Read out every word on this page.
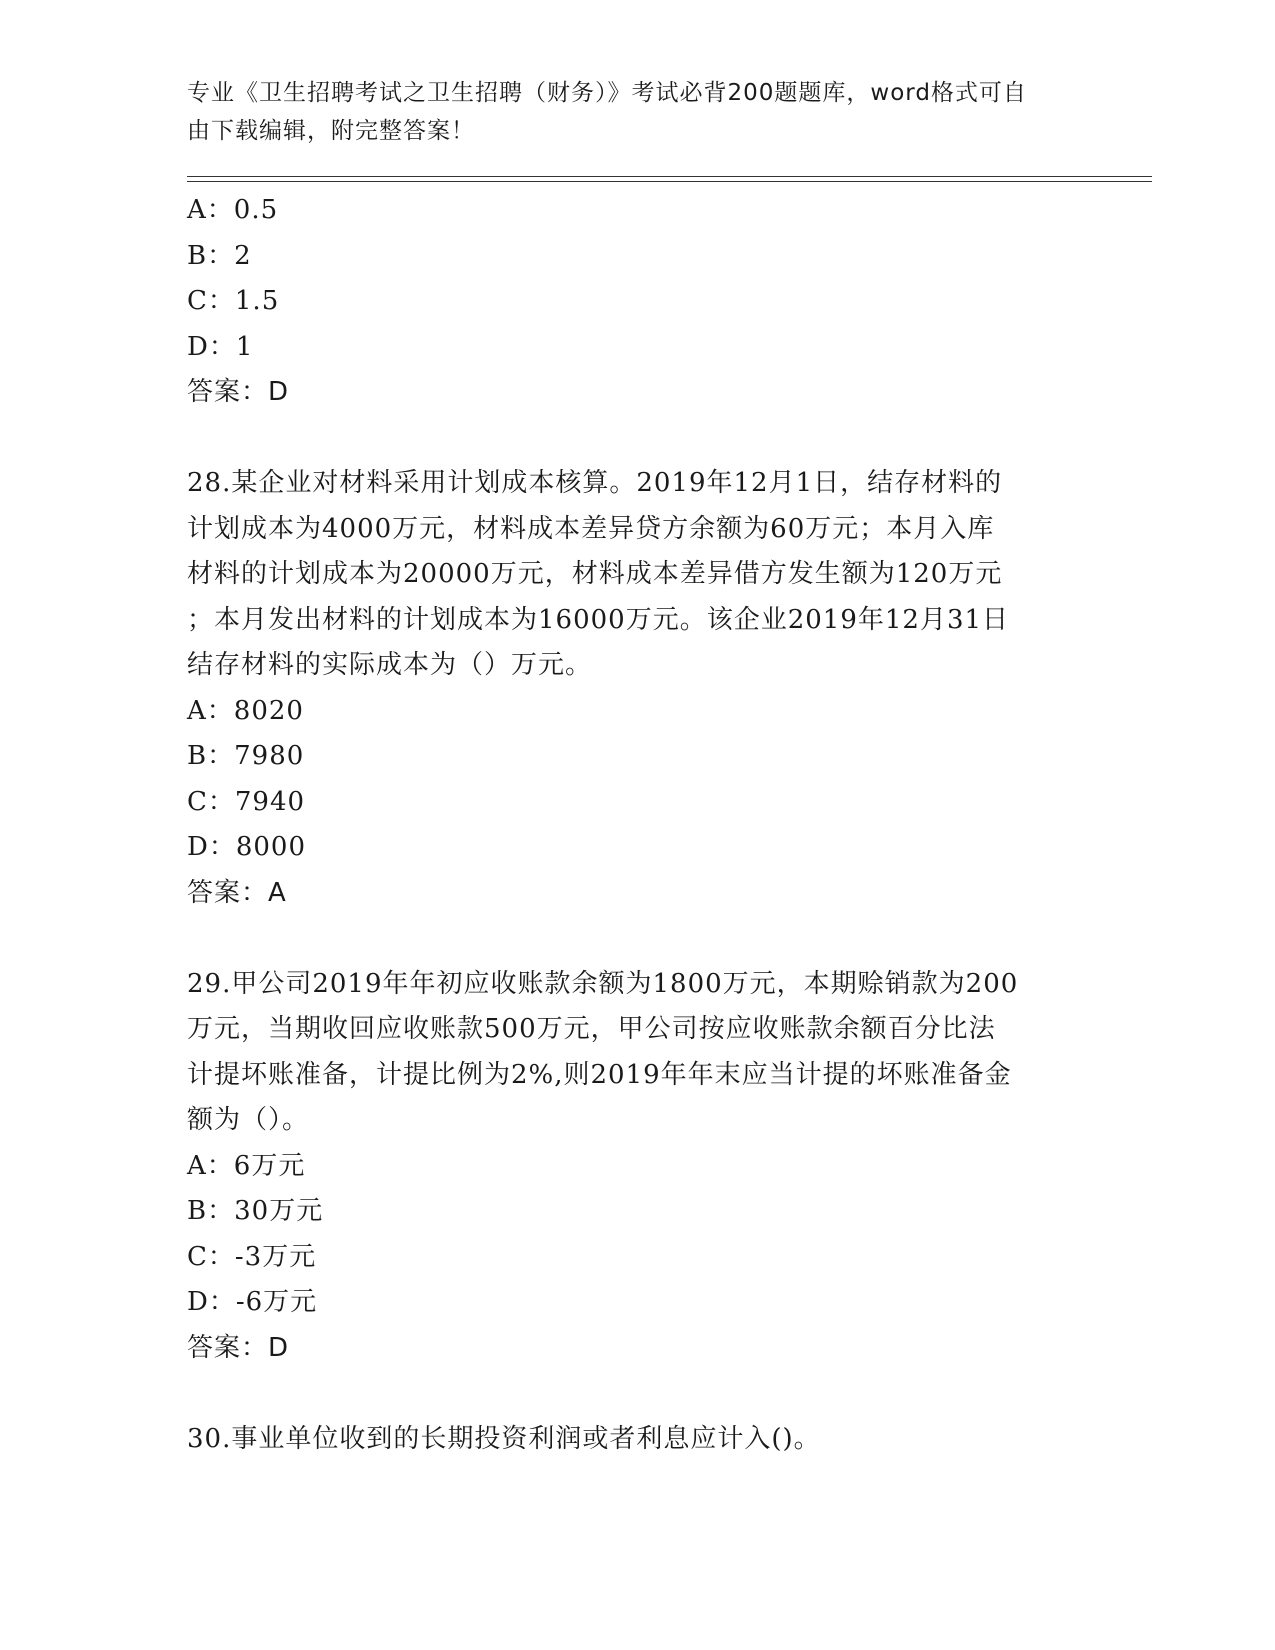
专业《卫生招聘考试之卫生招聘（财务）》考试必背200题题库，word格式可自
由下载编辑，附完整答案！
A：0.5
B：2
C：1.5
D：1
答案：D
28.某企业对材料采用计划成本核算。2019年12月1日，结存材料的
计划成本为4000万元，材料成本差异贷方余额为60万元；本月入库
材料的计划成本为20000万元，材料成本差异借方发生额为120万元
；本月发出材料的计划成本为16000万元。该企业2019年12月31日
结存材料的实际成本为（）万元。
A：8020
B：7980
C：7940
D：8000
答案：A
29.甲公司2019年年初应收账款余额为1800万元，本期赊销款为200
万元，当期收回应收账款500万元，甲公司按应收账款余额百分比法
计提坏账准备，计提比例为2%,则2019年年末应当计提的坏账准备金
额为（）。
A：6万元
B：30万元
C：-3万元
D：-6万元
答案：D
30.事业单位收到的长期投资利润或者利息应计入()。
